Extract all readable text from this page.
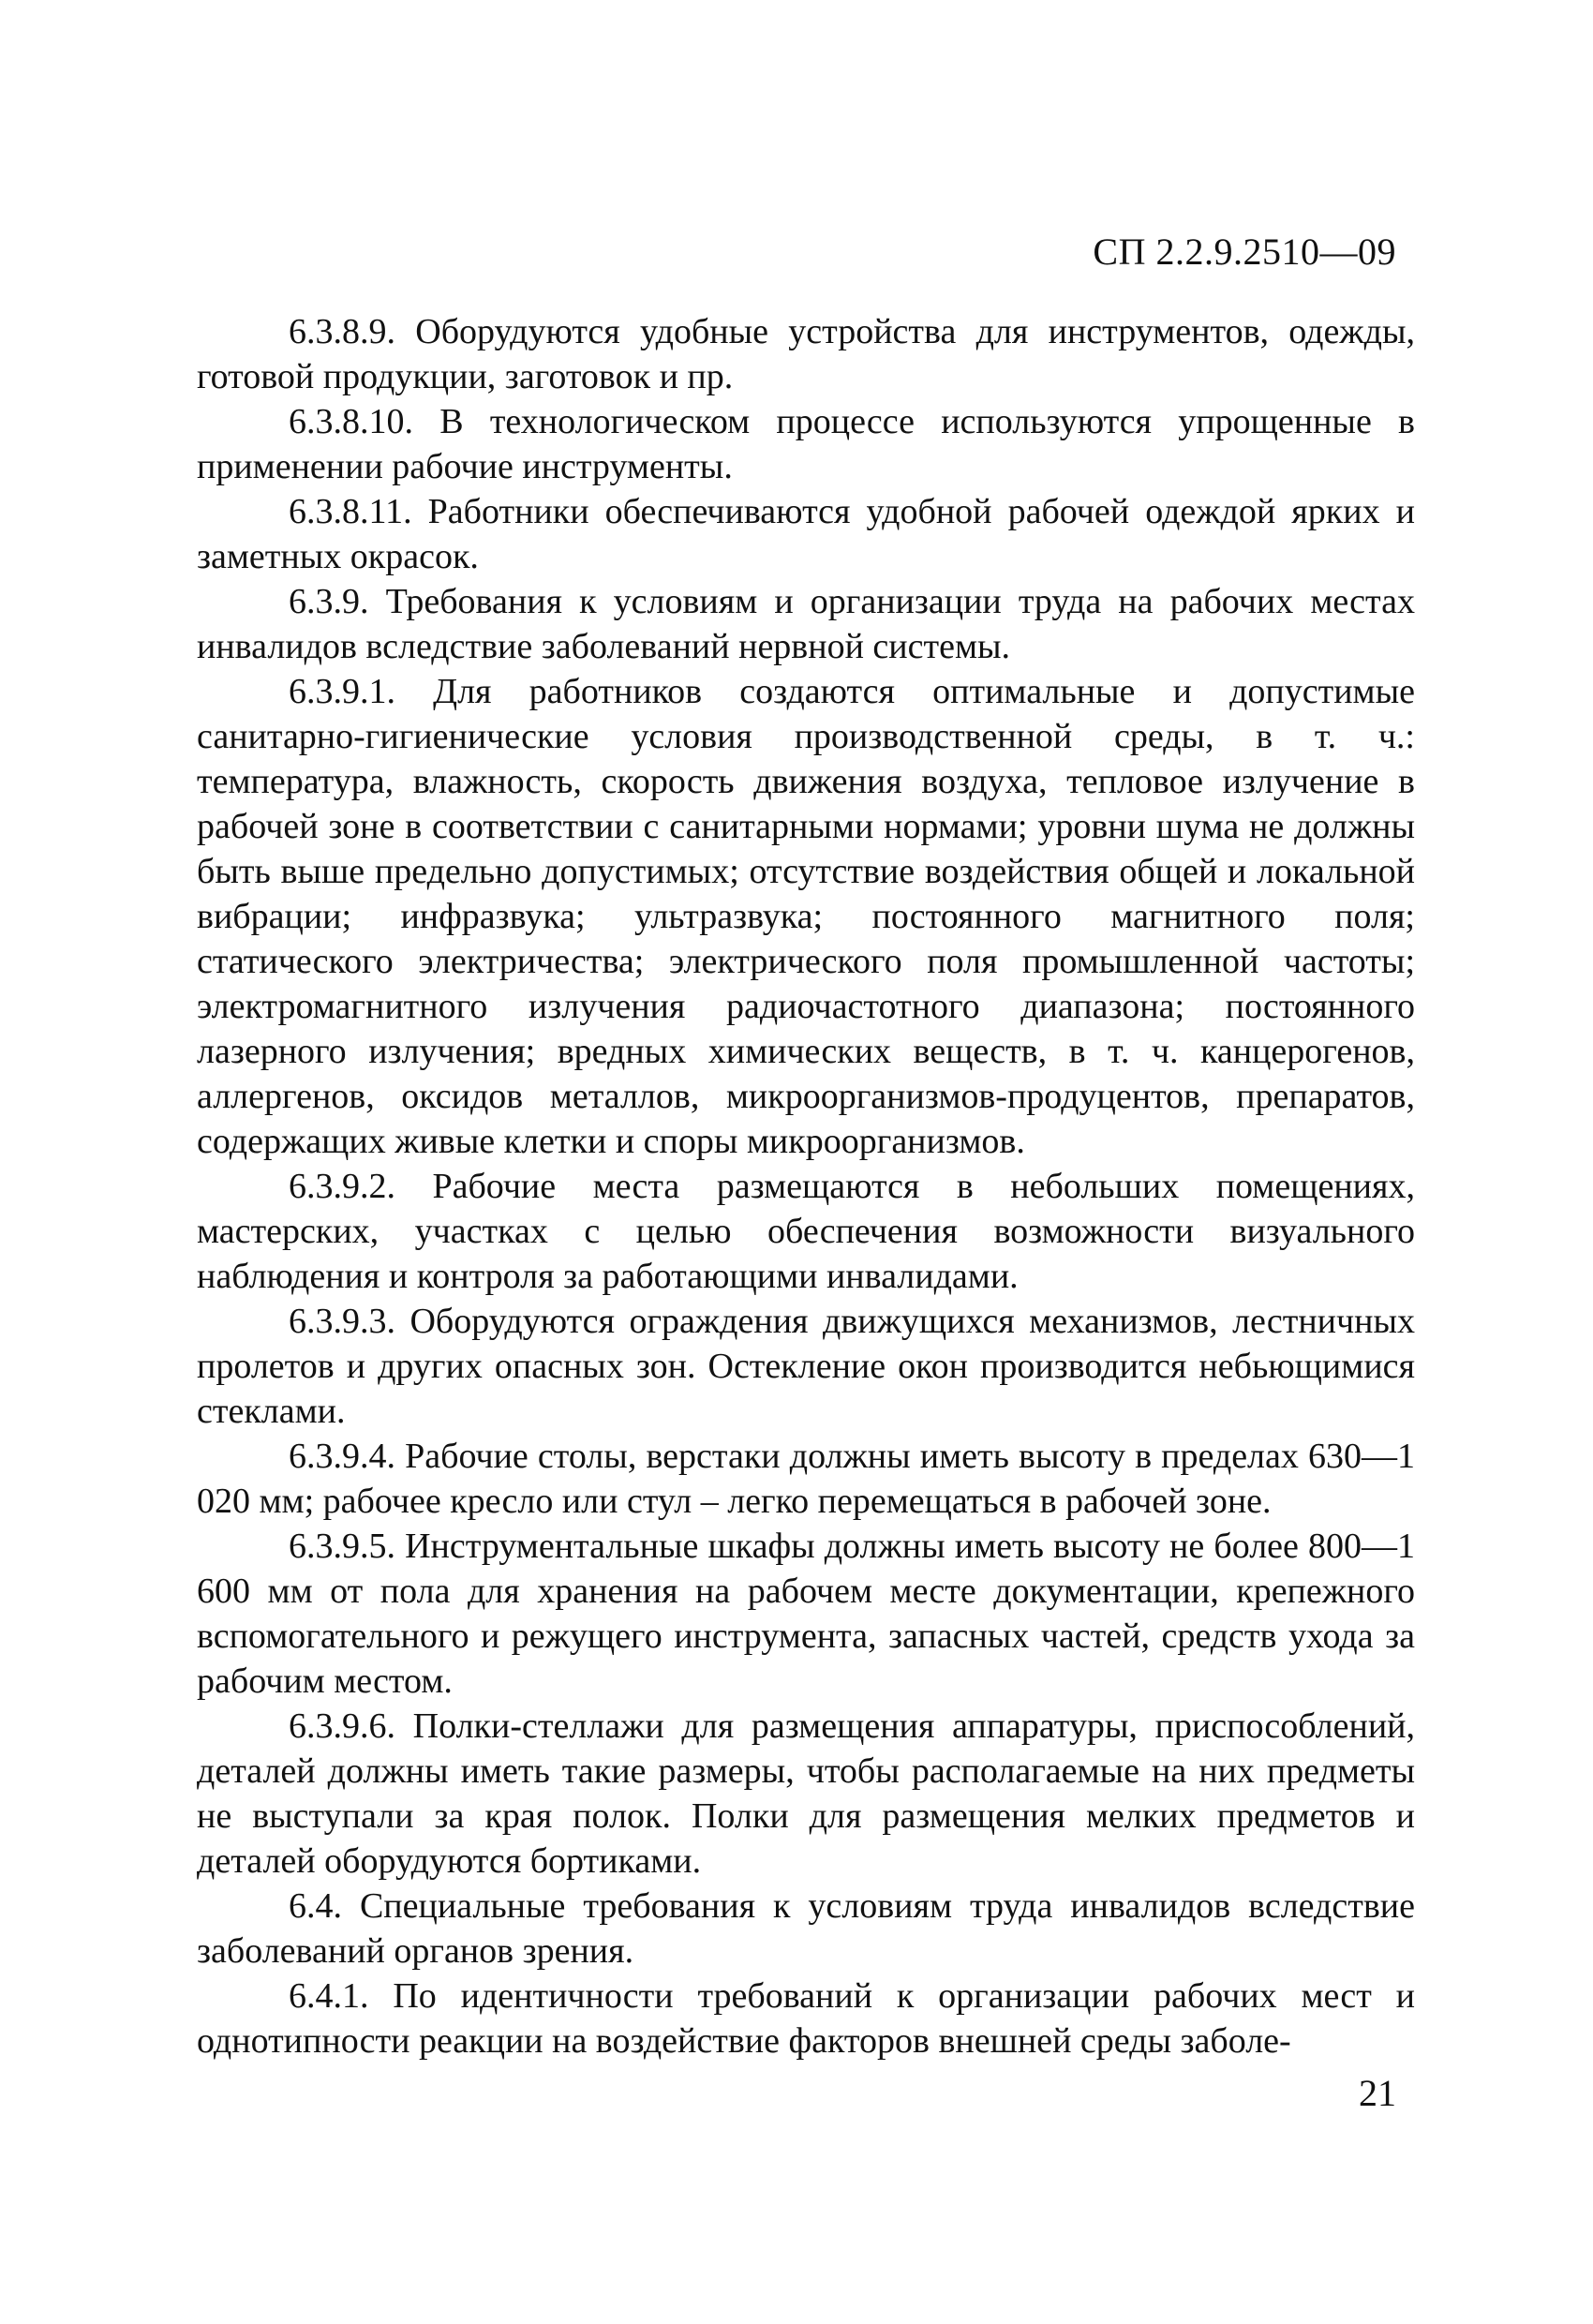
СП 2.2.9.2510—09

6.3.8.9. Оборудуются удобные устройства для инструментов, одежды, готовой продукции, заготовок и пр.

6.3.8.10. В технологическом процессе используются упрощенные в применении рабочие инструменты.

6.3.8.11. Работники обеспечиваются удобной рабочей одеждой ярких и заметных окрасок.

6.3.9. Требования к условиям и организации труда на рабочих местах инвалидов вследствие заболеваний нервной системы.

6.3.9.1. Для работников создаются оптимальные и допустимые санитарно-гигиенические условия производственной среды, в т. ч.: температура, влажность, скорость движения воздуха, тепловое излучение в рабочей зоне в соответствии с санитарными нормами; уровни шума не должны быть выше предельно допустимых; отсутствие воздействия общей и локальной вибрации; инфразвука; ультразвука; постоянного магнитного поля; статического электричества; электрического поля промышленной частоты; электромагнитного излучения радиочастотного диапазона; постоянного лазерного излучения; вредных химических веществ, в т. ч. канцерогенов, аллергенов, оксидов металлов, микроорганизмов-продуцентов, препаратов, содержащих живые клетки и споры микроорганизмов.

6.3.9.2. Рабочие места размещаются в небольших помещениях, мастерских, участках с целью обеспечения возможности визуального наблюдения и контроля за работающими инвалидами.

6.3.9.3. Оборудуются ограждения движущихся механизмов, лестничных пролетов и других опасных зон. Остекление окон производится небьющимися стеклами.

6.3.9.4. Рабочие столы, верстаки должны иметь высоту в пределах 630—1 020 мм; рабочее кресло или стул – легко перемещаться в рабочей зоне.

6.3.9.5. Инструментальные шкафы должны иметь высоту не более 800—1 600 мм от пола для хранения на рабочем месте документации, крепежного вспомогательного и режущего инструмента, запасных частей, средств ухода за рабочим местом.

6.3.9.6. Полки-стеллажи для размещения аппаратуры, приспособлений, деталей должны иметь такие размеры, чтобы располагаемые на них предметы не выступали за края полок. Полки для размещения мелких предметов и деталей оборудуются бортиками.

6.4. Специальные требования к условиям труда инвалидов вследствие заболеваний органов зрения.

6.4.1. По идентичности требований к организации рабочих мест и однотипности реакции на воздействие факторов внешней среды заболе-

21
